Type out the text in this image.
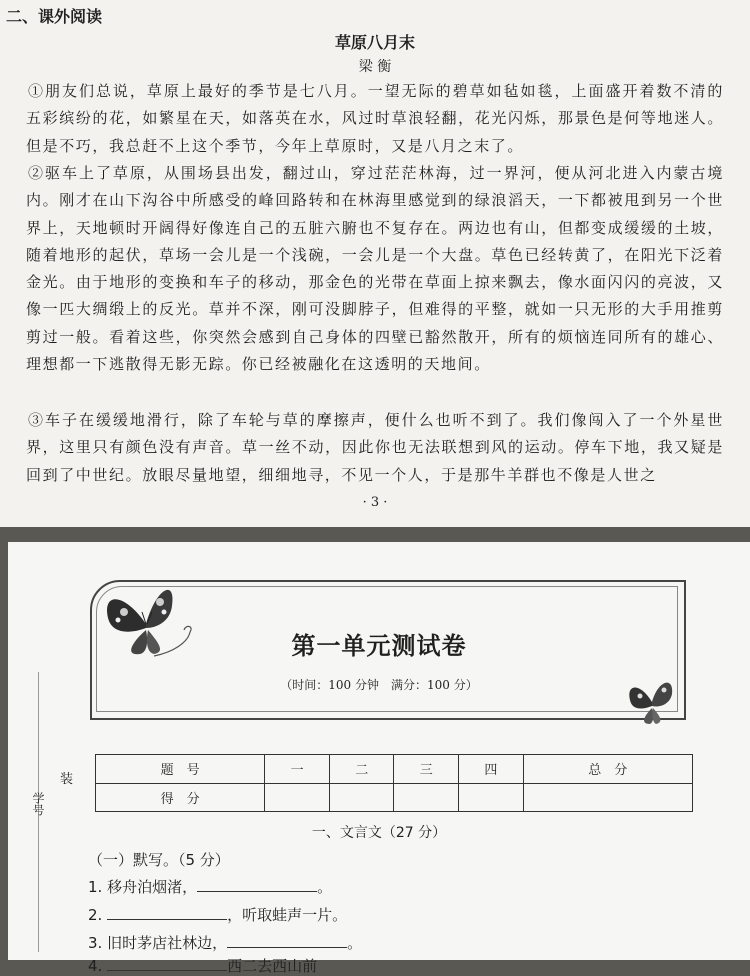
二、课外阅读
草原八月末
梁 衡
①朋友们总说，草原上最好的季节是七八月。一望无际的碧草如毡如毯，上面盛开着数不清的五彩缤纷的花，如繁星在天，如落英在水，风过时草浪轻翻，花光闪烁，那景色是何等地迷人。但是不巧，我总赶不上这个季节，今年上草原时，又是八月之末了。
②驱车上了草原，从围场县出发，翻过山，穿过茫茫林海，过一界河，便从河北进入内蒙古境内。刚才在山下沟谷中所感受的峰回路转和在林海里感觉到的绿浪滔天，一下都被甩到另一个世界上，天地顿时开阔得好像连自己的五脏六腑也不复存在。两边也有山，但都变成缓缓的土坡，随着地形的起伏，草场一会儿是一个浅碗，一会儿是一个大盘。草色已经转黄了，在阳光下泛着金光。由于地形的变换和车子的移动，那金色的光带在草面上掠来飘去，像水面闪闪的亮波，又像一匹大绸缎上的反光。草并不深，刚可没脚脖子，但难得的平整，就如一只无形的大手用推剪剪过一般。看着这些，你突然会感到自己身体的四壁已豁然散开，所有的烦恼连同所有的雄心、理想都一下逃散得无影无踪。你已经被融化在这透明的天地间。
③车子在缓缓地滑行，除了车轮与草的摩擦声，便什么也听不到了。我们像闯入了一个外星世界，这里只有颜色没有声音。草一丝不动，因此你也无法联想到风的运动。停车下地，我又疑是回到了中世纪。放眼尽量地望，细细地寻，不见一个人，于是那牛羊群也不像是人世之
· 3 ·
学号
装
第一单元测试卷
（时间：100 分钟　满分：100 分）
题　号	一	二	三	四	总　分
得　分					
一、文言文（27 分）
（一）默写。（5 分）
1. 移舟泊烟渚，	。
2.	，听取蛙声一片。
3. 旧时茅店社林边，	。
4.	西二去西山前
